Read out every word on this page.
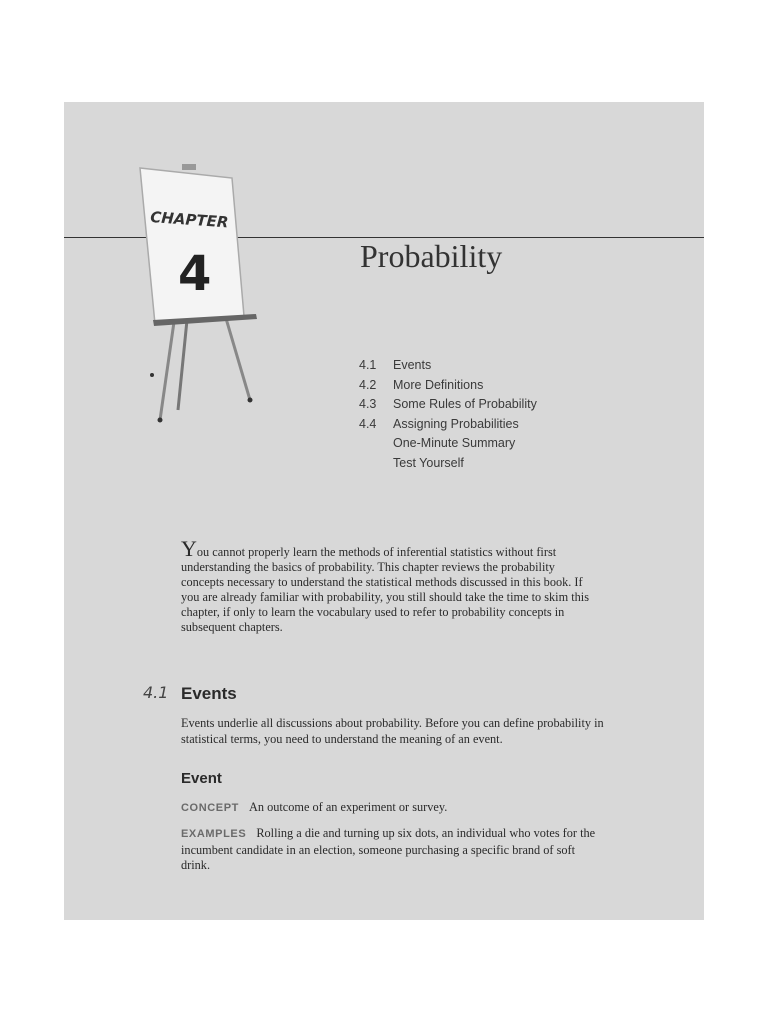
CHAPTER
4	Probability
4.1 Events
4.2 More Definitions
4.3 Some Rules of Probability
4.4 Assigning Probabilities
One-Minute Summary
Test Yourself

You cannot properly learn the methods of inferential statistics without first understanding the basics of probability. This chapter reviews the probability concepts necessary to understand the statistical methods discussed in this book. If you are already familiar with probability, you still should take the time to skim this chapter, if only to learn the vocabulary used to refer to probability concepts in subsequent chapters.

4.1 Events

Events underlie all discussions about probability. Before you can define probability in statistical terms, you need to understand the meaning of an event.

Event

CONCEPT An outcome of an experiment or survey.

EXAMPLES Rolling a die and turning up six dots, an individual who votes for the incumbent candidate in an election, someone purchasing a specific brand of soft drink.
